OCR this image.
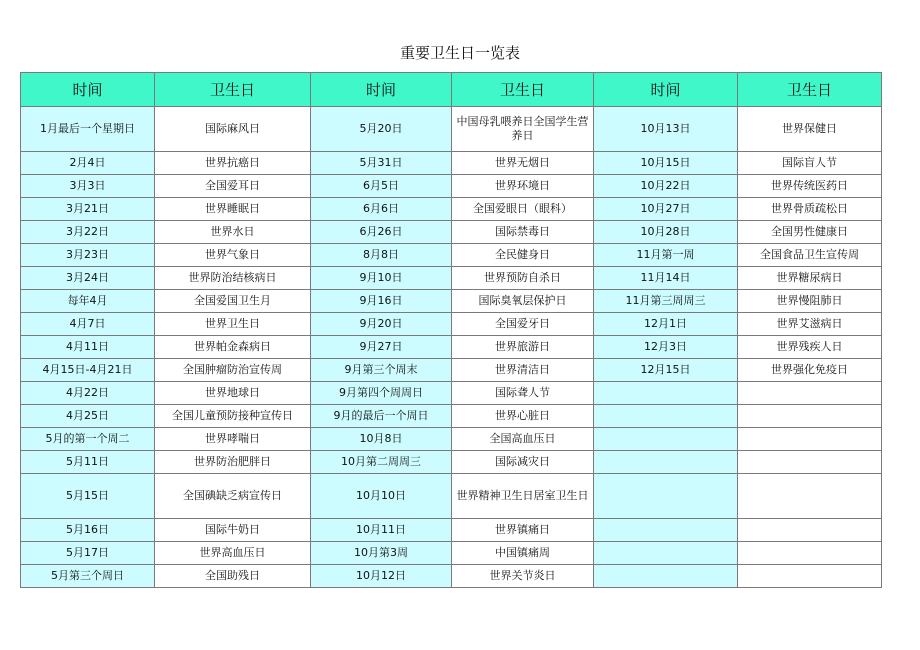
重要卫生日一览表
时间	卫生日	时间	卫生日	时间	卫生日
1月最后一个星期日	国际麻风日	5月20日	中国母乳喂养日全国学生营养日	10月13日	世界保健日
2月4日	世界抗癌日	5月31日	世界无烟日	10月15日	国际盲人节
3月3日	全国爱耳日	6月5日	世界环境日	10月22日	世界传统医药日
3月21日	世界睡眠日	6月6日	全国爱眼日（眼科）	10月27日	世界骨质疏松日
3月22日	世界水日	6月26日	国际禁毒日	10月28日	全国男性健康日
3月23日	世界气象日	8月8日	全民健身日	11月第一周	全国食品卫生宣传周
3月24日	世界防治结核病日	9月10日	世界预防自杀日	11月14日	世界糖尿病日
每年4月	全国爱国卫生月	9月16日	国际臭氧层保护日	11月第三周周三	世界慢阻肺日
4月7日	世界卫生日	9月20日	全国爱牙日	12月1日	世界艾滋病日
4月11日	世界帕金森病日	9月27日	世界旅游日	12月3日	世界残疾人日
4月15日-4月21日	全国肿瘤防治宣传周	9月第三个周末	世界清洁日	12月15日	世界强化免疫日
4月22日	世界地球日	9月第四个周周日	国际聋人节		
4月25日	全国儿童预防接种宣传日	9月的最后一个周日	世界心脏日		
5月的第一个周二	世界哮喘日	10月8日	全国高血压日		
5月11日	世界防治肥胖日	10月第二周周三	国际减灾日		
5月15日	全国碘缺乏病宣传日	10月10日	世界精神卫生日居室卫生日		
5月16日	国际牛奶日	10月11日	世界镇痛日		
5月17日	世界高血压日	10月第3周	中国镇痛周		
5月第三个周日	全国助残日	10月12日	世界关节炎日		
